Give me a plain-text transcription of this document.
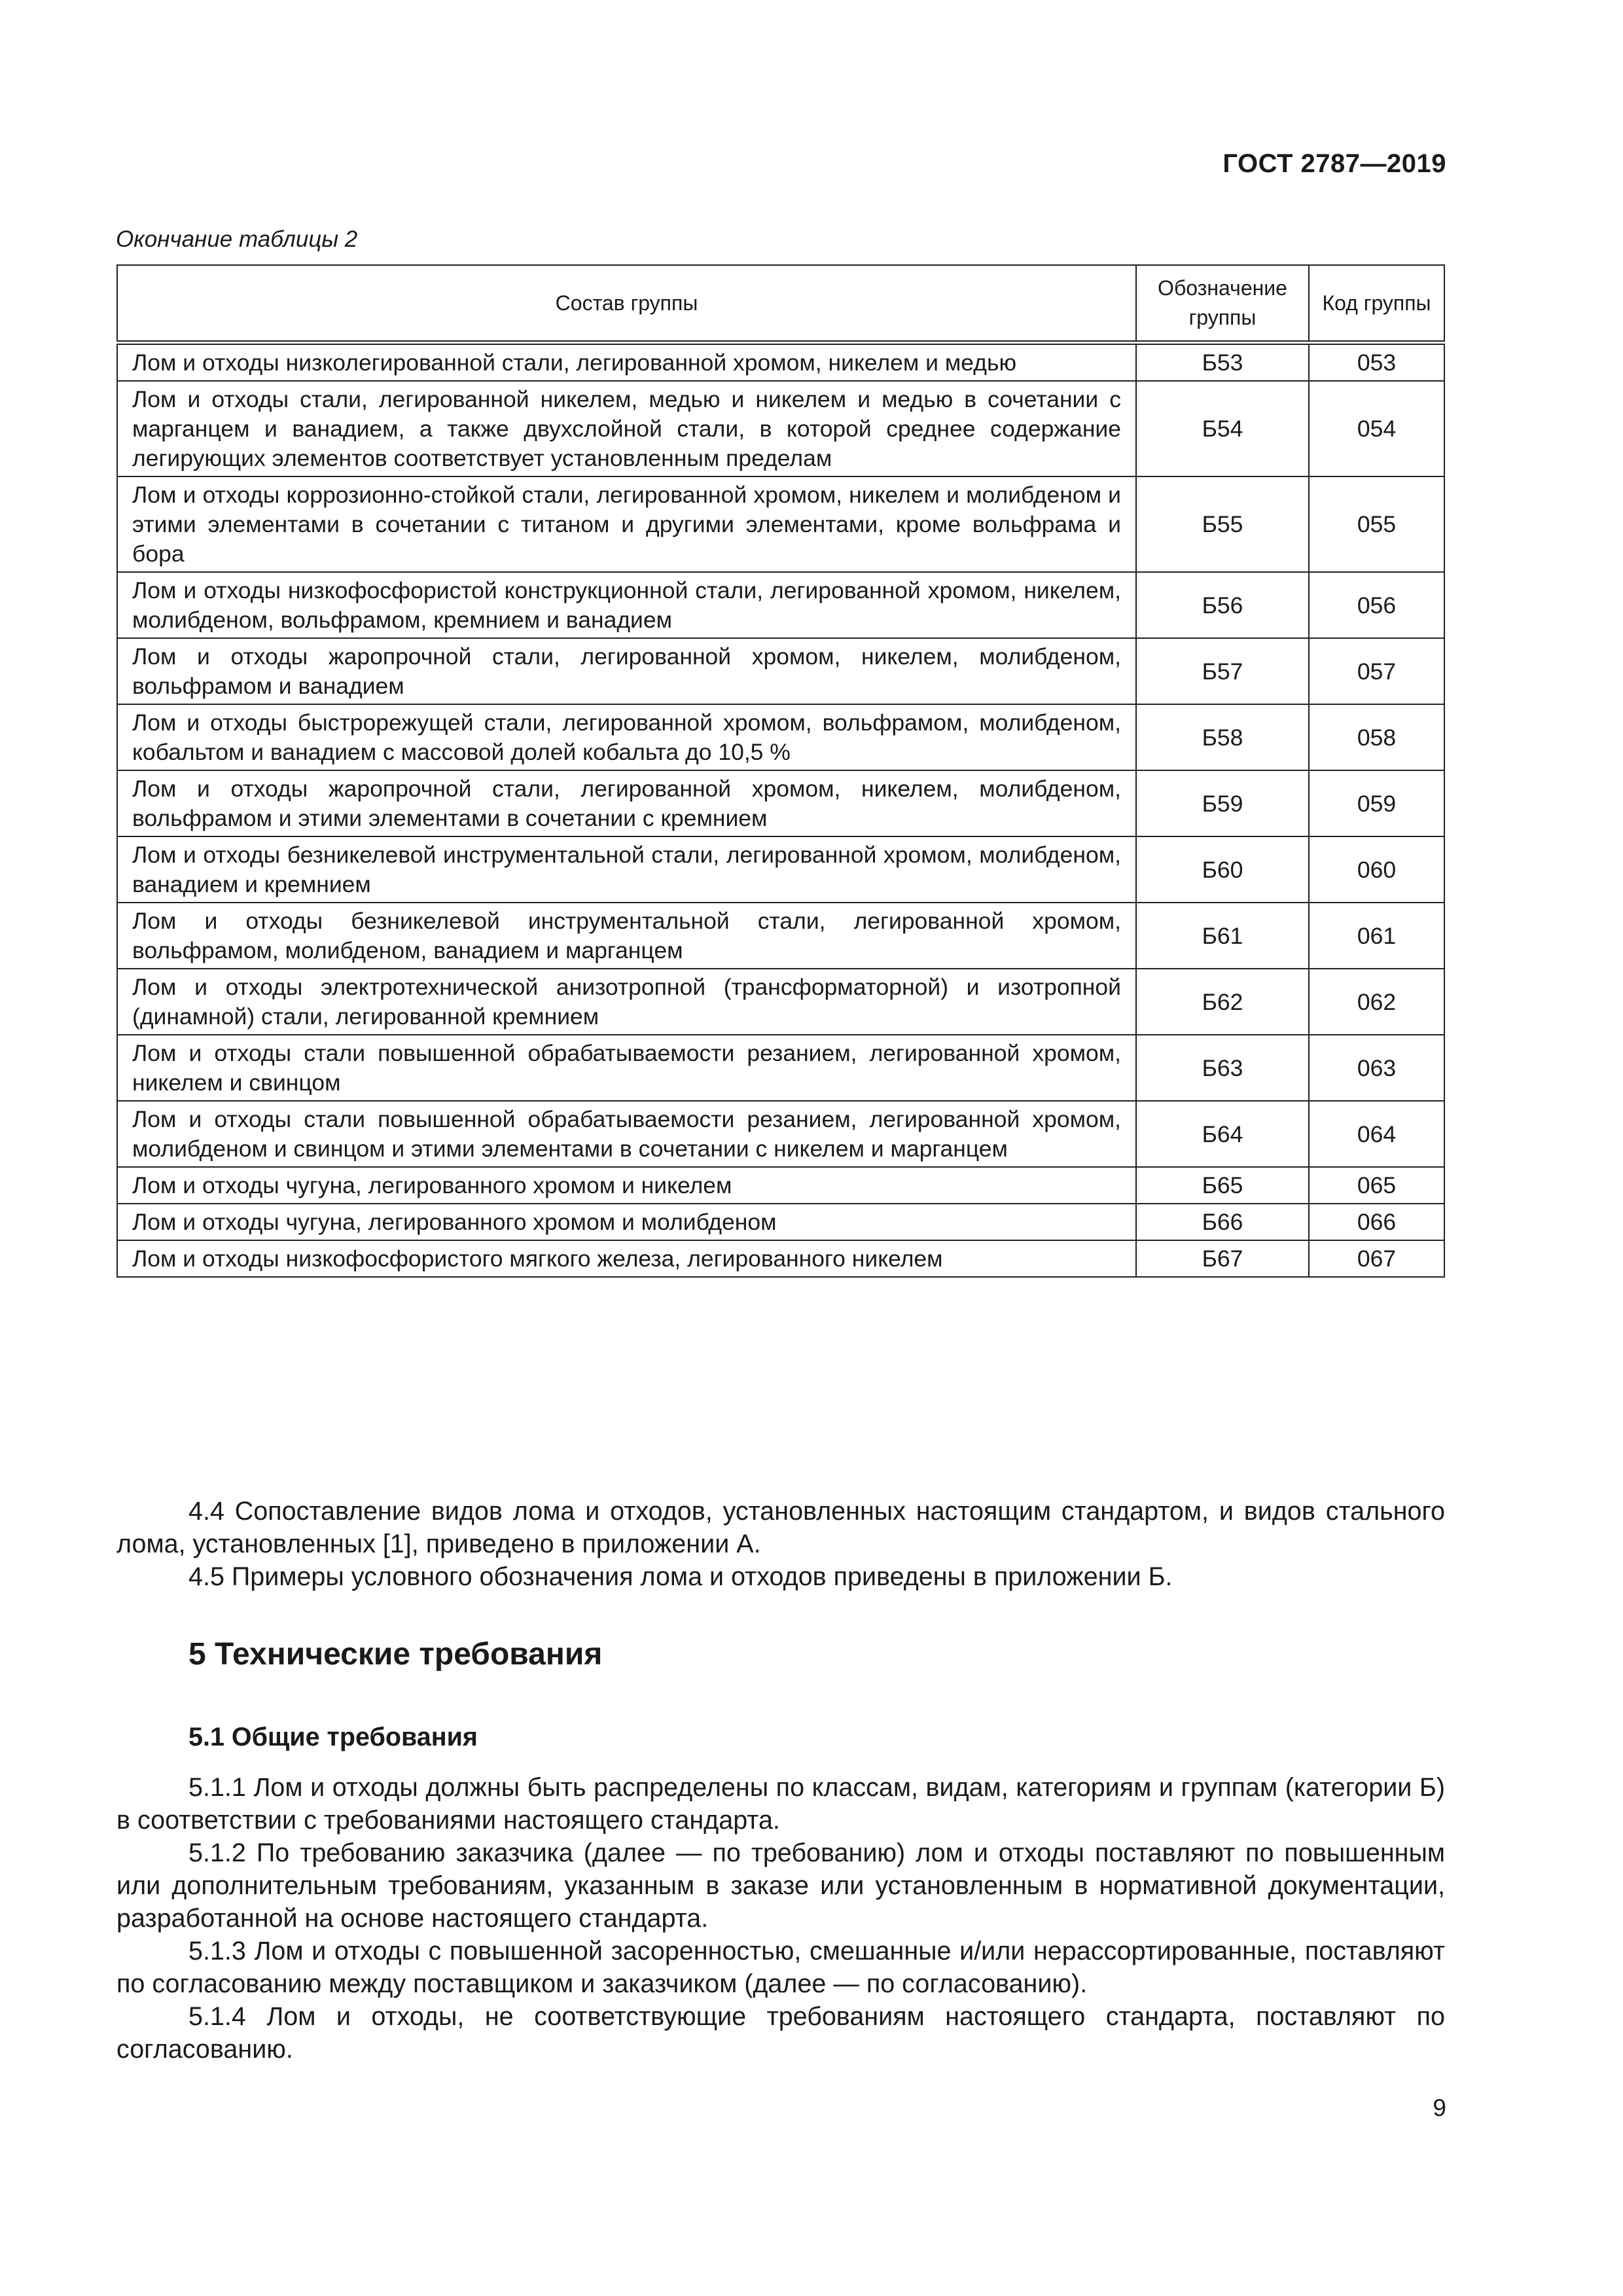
ГОСТ 2787—2019
Окончание таблицы 2
Состав группы	Обозначение группы	Код группы
Лом и отходы низколегированной стали, легированной хромом, никелем и медью	Б53	053
Лом и отходы стали, легированной никелем, медью и никелем и медью в сочетании с марганцем и ванадием, а также двухслойной стали, в которой среднее содержание легирующих элементов соответствует установленным пределам	Б54	054
Лом и отходы коррозионно-стойкой стали, легированной хромом, никелем и молибденом и этими элементами в сочетании с титаном и другими элементами, кроме вольфрама и бора	Б55	055
Лом и отходы низкофосфористой конструкционной стали, легированной хромом, никелем, молибденом, вольфрамом, кремнием и ванадием	Б56	056
Лом и отходы жаропрочной стали, легированной хромом, никелем, молибденом, вольфрамом и ванадием	Б57	057
Лом и отходы быстрорежущей стали, легированной хромом, вольфрамом, молибденом, кобальтом и ванадием с массовой долей кобальта до 10,5 %	Б58	058
Лом и отходы жаропрочной стали, легированной хромом, никелем, молибденом, вольфрамом и этими элементами в сочетании с кремнием	Б59	059
Лом и отходы безникелевой инструментальной стали, легированной хромом, молибденом, ванадием и кремнием	Б60	060
Лом и отходы безникелевой инструментальной стали, легированной хромом, вольфрамом, молибденом, ванадием и марганцем	Б61	061
Лом и отходы электротехнической анизотропной (трансформаторной) и изотропной (динамной) стали, легированной кремнием	Б62	062
Лом и отходы стали повышенной обрабатываемости резанием, легированной хромом, никелем и свинцом	Б63	063
Лом и отходы стали повышенной обрабатываемости резанием, легированной хромом, молибденом и свинцом и этими элементами в сочетании с никелем и марганцем	Б64	064
Лом и отходы чугуна, легированного хромом и никелем	Б65	065
Лом и отходы чугуна, легированного хромом и молибденом	Б66	066
Лом и отходы низкофосфористого мягкого железа, легированного никелем	Б67	067

4.4 Сопоставление видов лома и отходов, установленных настоящим стандартом, и видов стального лома, установленных [1], приведено в приложении А.

4.5 Примеры условного обозначения лома и отходов приведены в приложении Б.

5 Технические требования
5.1 Общие требования

5.1.1 Лом и отходы должны быть распределены по классам, видам, категориям и группам (категории Б) в соответствии с требованиями настоящего стандарта.

5.1.2 По требованию заказчика (далее — по требованию) лом и отходы поставляют по повышенным или дополнительным требованиям, указанным в заказе или установленным в нормативной документации, разработанной на основе настоящего стандарта.

5.1.3 Лом и отходы с повышенной засоренностью, смешанные и/или нерассортированные, поставляют по согласованию между поставщиком и заказчиком (далее — по согласованию).

5.1.4 Лом и отходы, не соответствующие требованиям настоящего стандарта, поставляют по согласованию.

9
